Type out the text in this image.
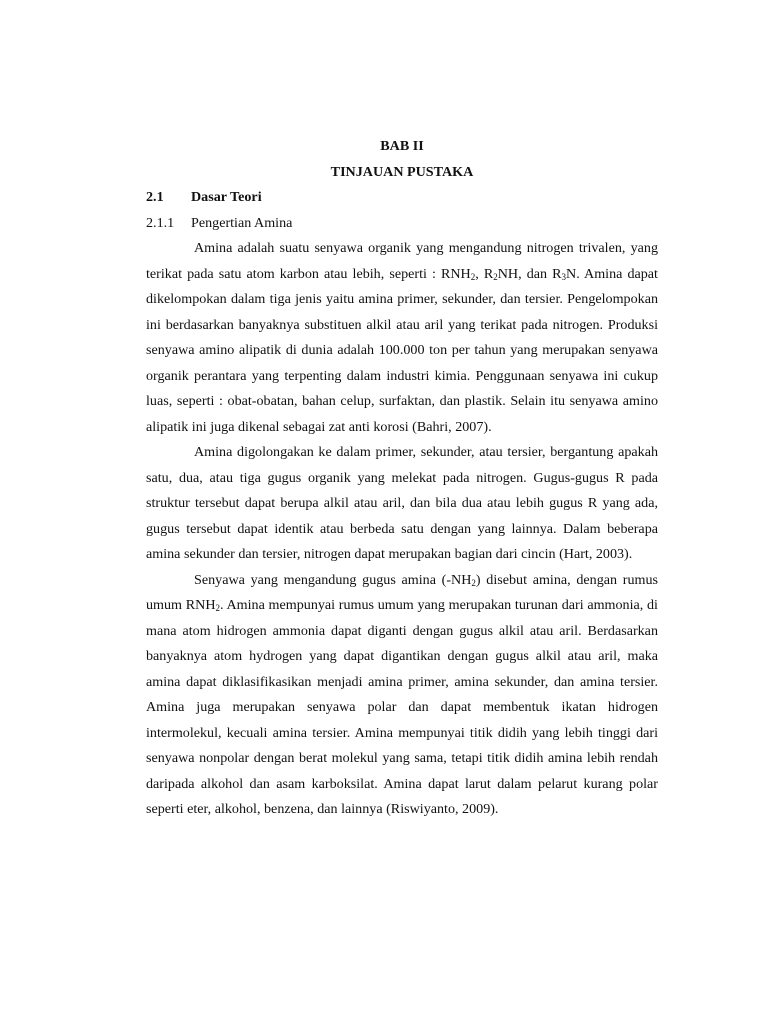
BAB II

TINJAUAN PUSTAKA

2.1	Dasar Teori

2.1.1	Pengertian Amina

Amina adalah suatu senyawa organik yang mengandung nitrogen trivalen, yang terikat pada satu atom karbon atau lebih, seperti : $RNH_2$, $R_2NH$, dan $R_3N$. Amina dapat dikelompokan dalam tiga jenis yaitu amina primer, sekunder, dan tersier. Pengelompokan ini berdasarkan banyaknya substituen alkil atau aril yang terikat pada nitrogen. Produksi senyawa amino alipatik di dunia adalah 100.000 ton per tahun yang merupakan senyawa organik perantara yang terpenting dalam industri kimia. Penggunaan senyawa ini cukup luas, seperti : obat-obatan, bahan celup, surfaktan, dan plastik. Selain itu senyawa amino alipatik ini juga dikenal sebagai zat anti korosi (Bahri, 2007).

Amina digolongakan ke dalam primer, sekunder, atau tersier, bergantung apakah satu, dua, atau tiga gugus organik yang melekat pada nitrogen. Gugus-gugus R pada struktur tersebut dapat berupa alkil atau aril, dan bila dua atau lebih gugus R yang ada, gugus tersebut dapat identik atau berbeda satu dengan yang lainnya. Dalam beberapa amina sekunder dan tersier, nitrogen dapat merupakan bagian dari cincin (Hart, 2003).

Senyawa yang mengandung gugus amina $(-NH_2)$ disebut amina, dengan rumus umum $RNH_2$. Amina mempunyai rumus umum yang merupakan turunan dari ammonia, di mana atom hidrogen ammonia dapat diganti dengan gugus alkil atau aril. Berdasarkan banyaknya atom hydrogen yang dapat digantikan dengan gugus alkil atau aril, maka amina dapat diklasifikasikan menjadi amina primer, amina sekunder, dan amina tersier. Amina juga merupakan senyawa polar dan dapat membentuk ikatan hidrogen intermolekul, kecuali amina tersier. Amina mempunyai titik didih yang lebih tinggi dari senyawa nonpolar dengan berat molekul yang sama, tetapi titik didih amina lebih rendah daripada alkohol dan asam karboksilat. Amina dapat larut dalam pelarut kurang polar seperti eter, alkohol, benzena, dan lainnya (Riswiyanto, 2009).
